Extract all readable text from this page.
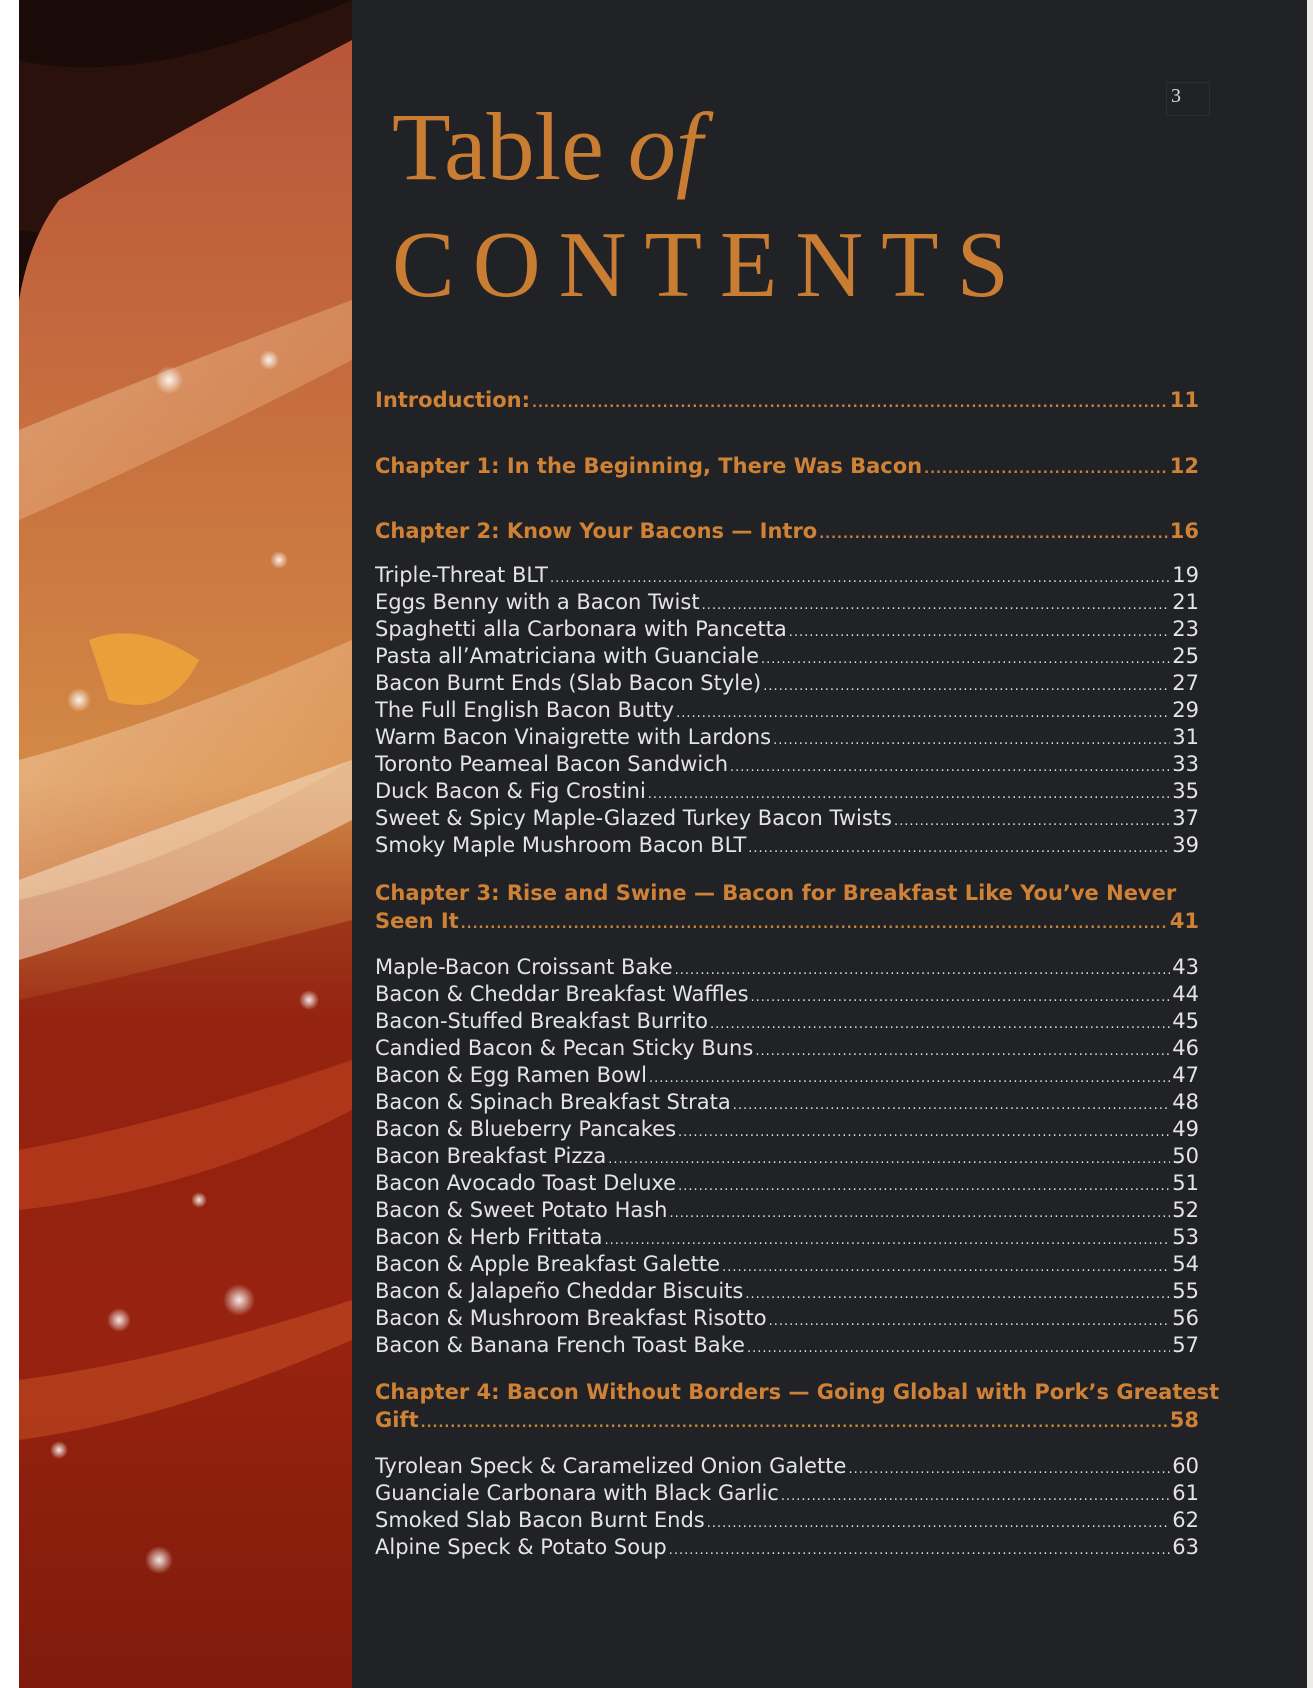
3
Table of
CONTENTS
Introduction: .....	11
Chapter 1: In the Beginning, There Was Bacon .....	12
Chapter 2: Know Your Bacons — Intro .....	16
Triple-Threat BLT .....	19
Eggs Benny with a Bacon Twist .....	21
Spaghetti alla Carbonara with Pancetta .....	23
Pasta all’Amatriciana with Guanciale .....	25
Bacon Burnt Ends (Slab Bacon Style) .....	27
The Full English Bacon Butty .....	29
Warm Bacon Vinaigrette with Lardons .....	31
Toronto Peameal Bacon Sandwich .....	33
Duck Bacon & Fig Crostini .....	35
Sweet & Spicy Maple-Glazed Turkey Bacon Twists .....	37
Smoky Maple Mushroom Bacon BLT .....	39
Chapter 3: Rise and Swine — Bacon for Breakfast Like You’ve Never
Seen It .....	41
Maple-Bacon Croissant Bake .....	43
Bacon & Cheddar Breakfast Waffles .....	44
Bacon-Stuffed Breakfast Burrito .....	45
Candied Bacon & Pecan Sticky Buns .....	46
Bacon & Egg Ramen Bowl .....	47
Bacon & Spinach Breakfast Strata .....	48
Bacon & Blueberry Pancakes .....	49
Bacon Breakfast Pizza .....	50
Bacon Avocado Toast Deluxe .....	51
Bacon & Sweet Potato Hash .....	52
Bacon & Herb Frittata .....	53
Bacon & Apple Breakfast Galette .....	54
Bacon & Jalapeño Cheddar Biscuits .....	55
Bacon & Mushroom Breakfast Risotto .....	56
Bacon & Banana French Toast Bake .....	57
Chapter 4: Bacon Without Borders — Going Global with Pork’s Greatest
Gift .....	58
Tyrolean Speck & Caramelized Onion Galette .....	60
Guanciale Carbonara with Black Garlic .....	61
Smoked Slab Bacon Burnt Ends .....	62
Alpine Speck & Potato Soup .....	63
